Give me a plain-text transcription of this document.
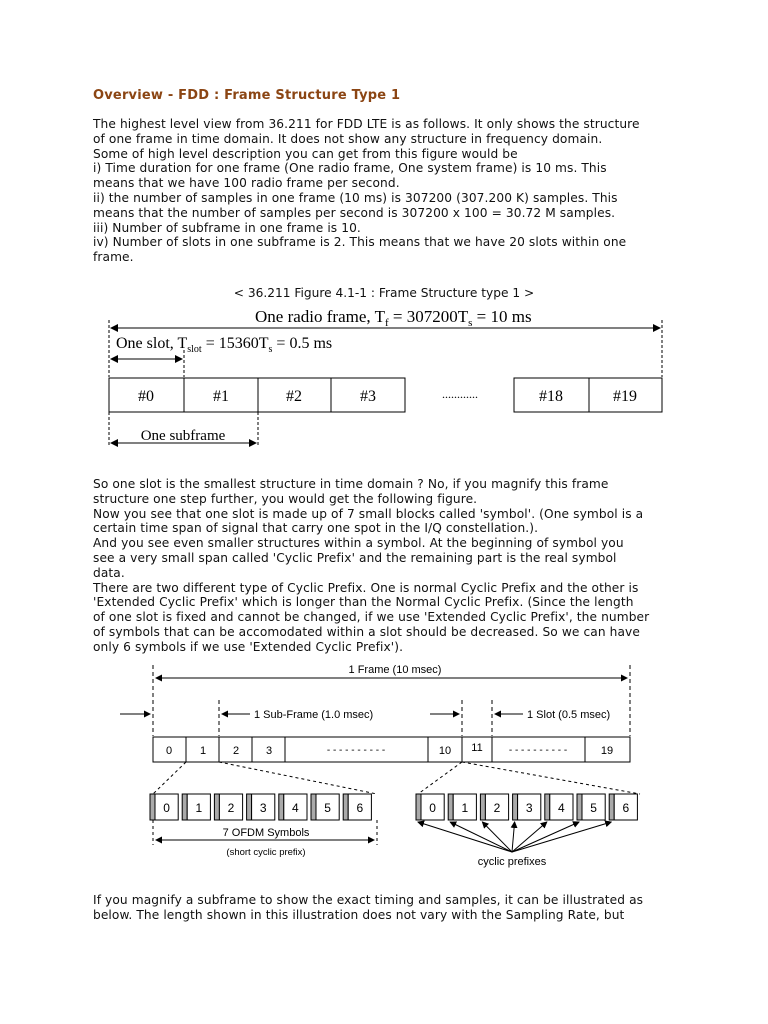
Overview - FDD : Frame Structure Type 1
The highest level view from 36.211 for FDD LTE is as follows. It only shows the structure
of one frame in time domain. It does not show any structure in frequency domain.
Some of high level description you can get from this figure would be
i) Time duration for one frame (One radio frame, One system frame) is 10 ms. This
means that we have 100 radio frame per second.
ii) the number of samples in one frame (10 ms) is 307200 (307.200 K) samples. This
means that the number of samples per second is 307200 x 100 = 30.72 M samples.
iii) Number of subframe in one frame is 10.
iv) Number of slots in one subframe is 2. This means that we have 20 slots within one
frame.
< 36.211 Figure 4.1-1 : Frame Structure type 1 >
One radio frame, $T_f = 307200T_s = 10$ ms
One slot, $T_{slot} = 15360T_s = 0.5$ ms
#0	#1	#2	#3	............	#18	#19
One subframe
So one slot is the smallest structure in time domain ? No, if you magnify this frame
structure one step further, you would get the following figure.
Now you see that one slot is made up of 7 small blocks called 'symbol'. (One symbol is a
certain time span of signal that carry one spot in the I/Q constellation.).
And you see even smaller structures within a symbol. At the beginning of symbol you
see a very small span called 'Cyclic Prefix' and the remaining part is the real symbol
data.
There are two different type of Cyclic Prefix. One is normal Cyclic Prefix and the other is
'Extended Cyclic Prefix' which is longer than the Normal Cyclic Prefix. (Since the length
of one slot is fixed and cannot be changed, if we use 'Extended Cyclic Prefix', the number
of symbols that can be accomodated within a slot should be decreased. So we can have
only 6 symbols if we use 'Extended Cyclic Prefix').
1 Frame (10 msec)
1 Sub-Frame (1.0 msec)	1 Slot (0.5 msec)
0	1 2 3	- - - - - - - - - -	10 11	- - - - - - - - - -	19
0 1 2 3 4 5 6	0 1 2 3 4 5 6
7 OFDM Symbols
(short cyclic prefix)
cyclic prefixes
If you magnify a subframe to show the exact timing and samples, it can be illustrated as
below. The length shown in this illustration does not vary with the Sampling Rate, but
